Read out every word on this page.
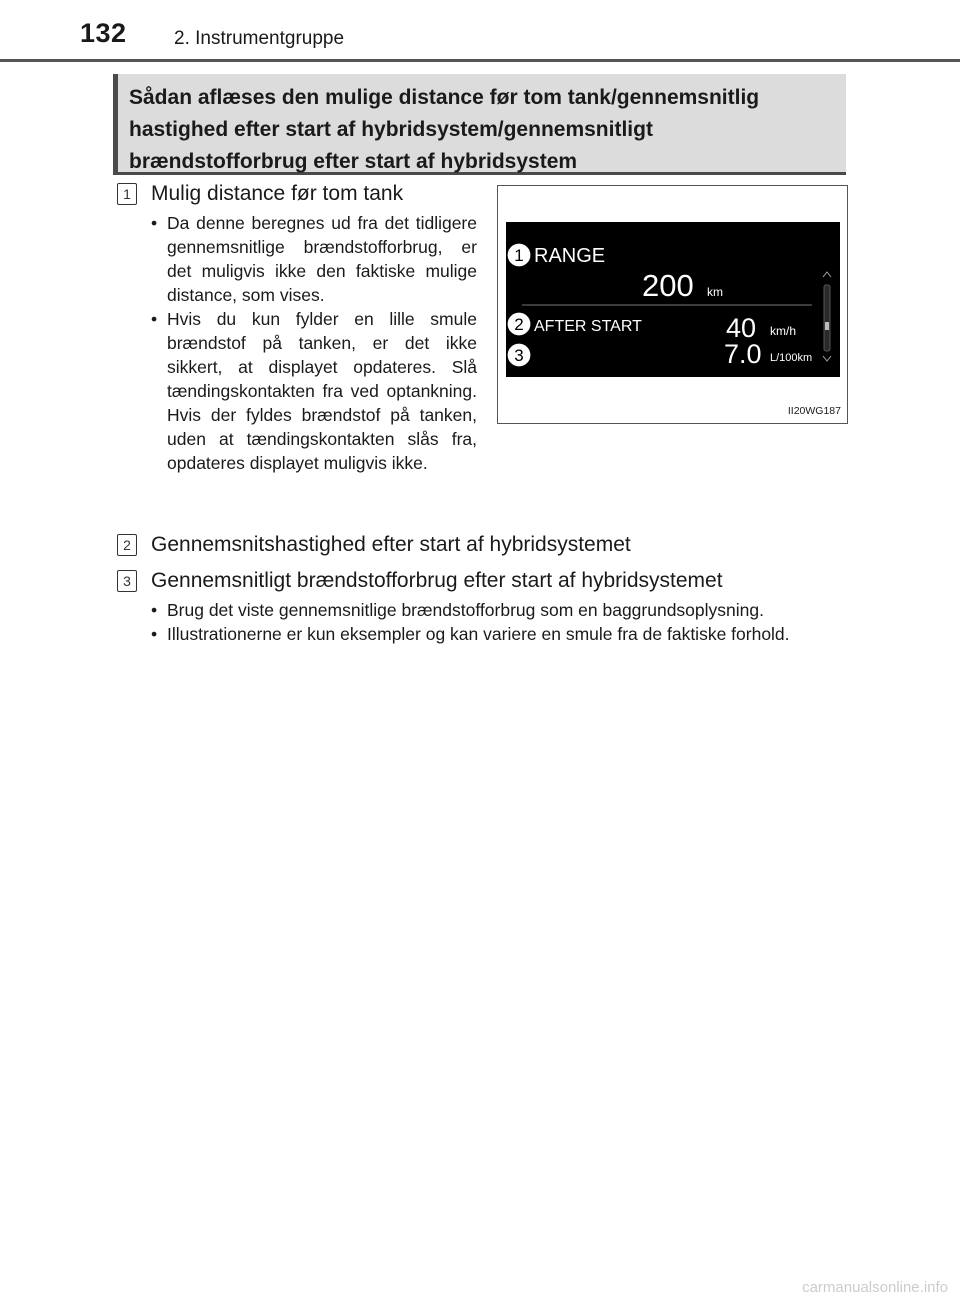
132 2. Instrumentgruppe
Sådan aflæses den mulige distance før tom tank/gennemsnitlig hastighed efter start af hybridsystem/gennemsnitligt brændstofforbrug efter start af hybridsystem
1 Mulig distance før tom tank
• Da denne beregnes ud fra det tidligere gennemsnitlige brændstofforbrug, er det muligvis ikke den faktiske mulige distance, som vises.
• Hvis du kun fylder en lille smule brændstof på tanken, er det ikke sikkert, at displayet opdateres. Slå tændingskontakten fra ved optankning. Hvis der fyldes brændstof på tanken, uden at tændingskontakten slås fra, opdateres displayet muligvis ikke.
1
2
3
RANGE
200 km
AFTER START	40 km/h
7.0 L/100km
II20WG187
2 Gennemsnitshastighed efter start af hybridsystemet
3 Gennemsnitligt brændstofforbrug efter start af hybridsystemet
• Brug det viste gennemsnitlige brændstofforbrug som en baggrundsoplysning.
• Illustrationerne er kun eksempler og kan variere en smule fra de faktiske forhold.
carmanualsonline.info
